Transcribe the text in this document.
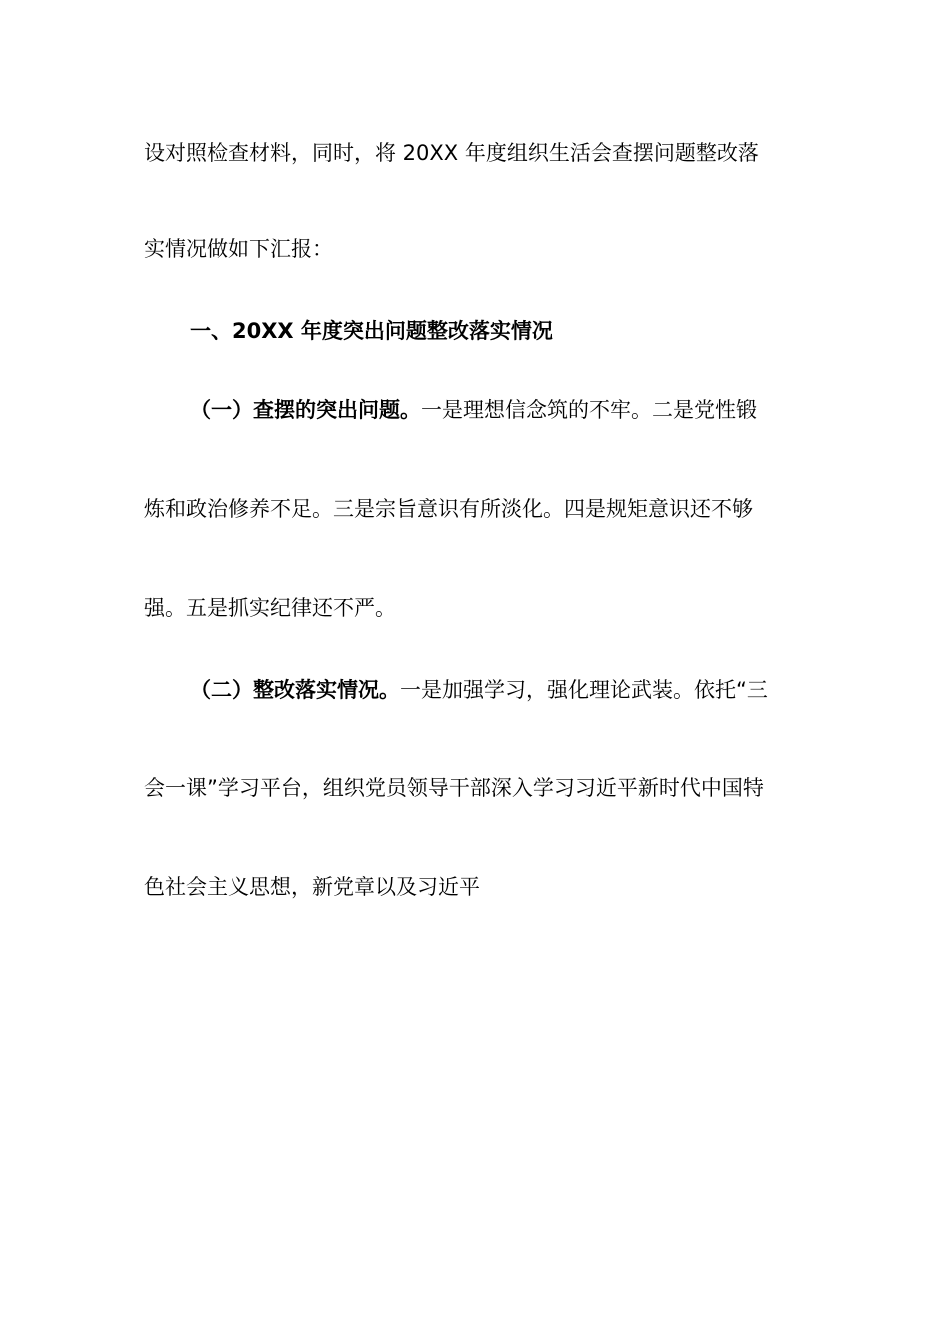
设对照检查材料，同时，将 20XX 年度组织生活会查摆问题整改落
实情况做如下汇报：
一、20XX 年度突出问题整改落实情况
（一）查摆的突出问题。一是理想信念筑的不牢。二是党性锻
炼和政治修养不足。三是宗旨意识有所淡化。四是规矩意识还不够
强。五是抓实纪律还不严。
（二）整改落实情况。一是加强学习，强化理论武装。依托“三
会一课”学习平台，组织党员领导干部深入学习习近平新时代中国特
色社会主义思想，新党章以及习近平
